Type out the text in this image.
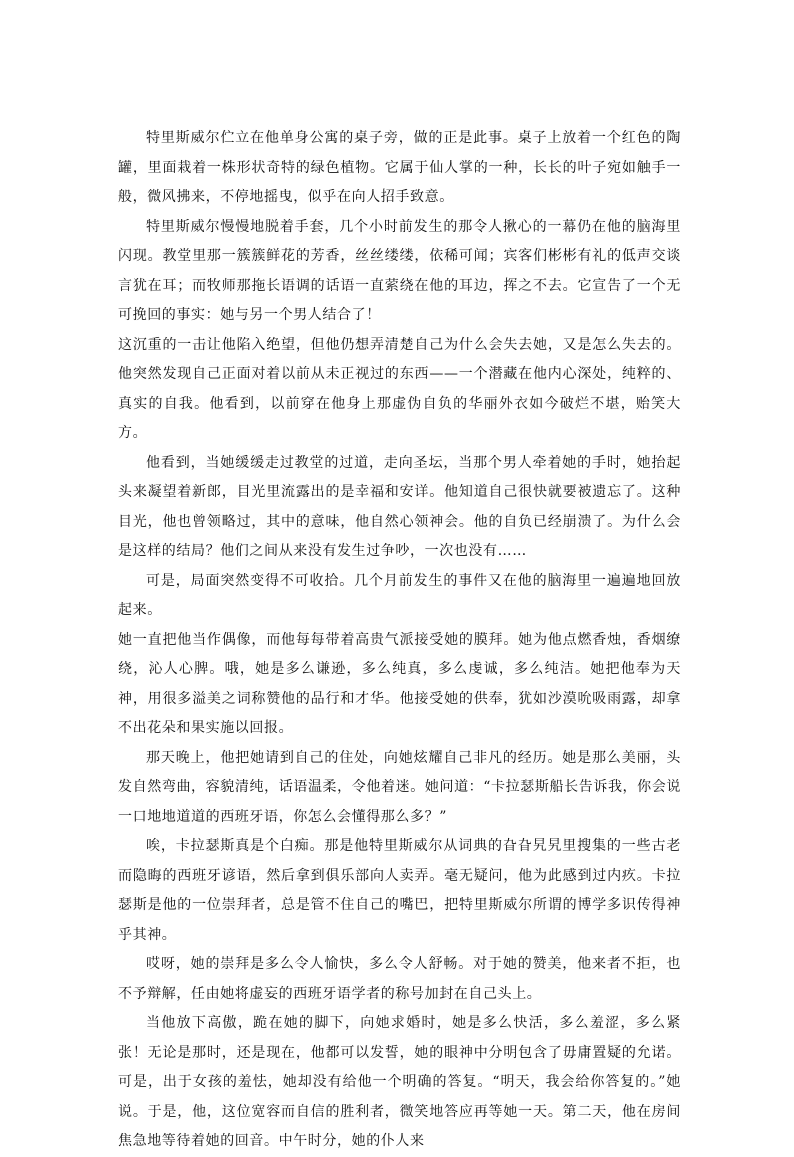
特里斯威尔伫立在他单身公寓的桌子旁，做的正是此事。桌子上放着一个红色的陶罐，里面栽着一株形状奇特的绿色植物。它属于仙人掌的一种，长长的叶子宛如触手一般，微风拂来，不停地摇曳，似乎在向人招手致意。

特里斯威尔慢慢地脱着手套，几个小时前发生的那令人揪心的一幕仍在他的脑海里闪现。教堂里那一簇簇鲜花的芳香，丝丝缕缕，依稀可闻；宾客们彬彬有礼的低声交谈言犹在耳；而牧师那拖长语调的话语一直萦绕在他的耳边，挥之不去。它宣告了一个无可挽回的事实：她与另一个男人结合了！

这沉重的一击让他陷入绝望，但他仍想弄清楚自己为什么会失去她，又是怎么失去的。他突然发现自己正面对着以前从未正视过的东西——一个潜藏在他内心深处，纯粹的、真实的自我。他看到，以前穿在他身上那虚伪自负的华丽外衣如今破烂不堪，贻笑大方。

他看到，当她缓缓走过教堂的过道，走向圣坛，当那个男人牵着她的手时，她抬起头来凝望着新郎，目光里流露出的是幸福和安详。他知道自己很快就要被遗忘了。这种目光，他也曾领略过，其中的意味，他自然心领神会。他的自负已经崩溃了。为什么会是这样的结局？他们之间从来没有发生过争吵，一次也没有……

可是，局面突然变得不可收拾。几个月前发生的事件又在他的脑海里一遍遍地回放起来。

她一直把他当作偶像，而他每每带着高贵气派接受她的膜拜。她为他点燃香烛，香烟缭绕，沁人心脾。哦，她是多么谦逊，多么纯真，多么虔诚，多么纯洁。她把他奉为天神，用很多溢美之词称赞他的品行和才华。他接受她的供奉，犹如沙漠吮吸雨露，却拿不出花朵和果实施以回报。

那天晚上，他把她请到自己的住处，向她炫耀自己非凡的经历。她是那么美丽，头发自然弯曲，容貌清纯，话语温柔，令他着迷。她问道：“卡拉瑟斯船长告诉我，你会说一口地地道道的西班牙语，你怎么会懂得那么多？”

唉，卡拉瑟斯真是个白痴。那是他特里斯威尔从词典的旮旮旯旯里搜集的一些古老而隐晦的西班牙谚语，然后拿到俱乐部向人卖弄。毫无疑问，他为此感到过内疚。卡拉瑟斯是他的一位崇拜者，总是管不住自己的嘴巴，把特里斯威尔所谓的博学多识传得神乎其神。

哎呀，她的崇拜是多么令人愉快，多么令人舒畅。对于她的赞美，他来者不拒，也不予辩解，任由她将虚妄的西班牙语学者的称号加封在自己头上。

当他放下高傲，跪在她的脚下，向她求婚时，她是多么快活，多么羞涩，多么紧张！无论是那时，还是现在，他都可以发誓，她的眼神中分明包含了毋庸置疑的允诺。可是，出于女孩的羞怯，她却没有给他一个明确的答复。“明天，我会给你答复的。”她说。于是，他，这位宽容而自信的胜利者，微笑地答应再等她一天。第二天，他在房间焦急地等待着她的回音。中午时分，她的仆人来
